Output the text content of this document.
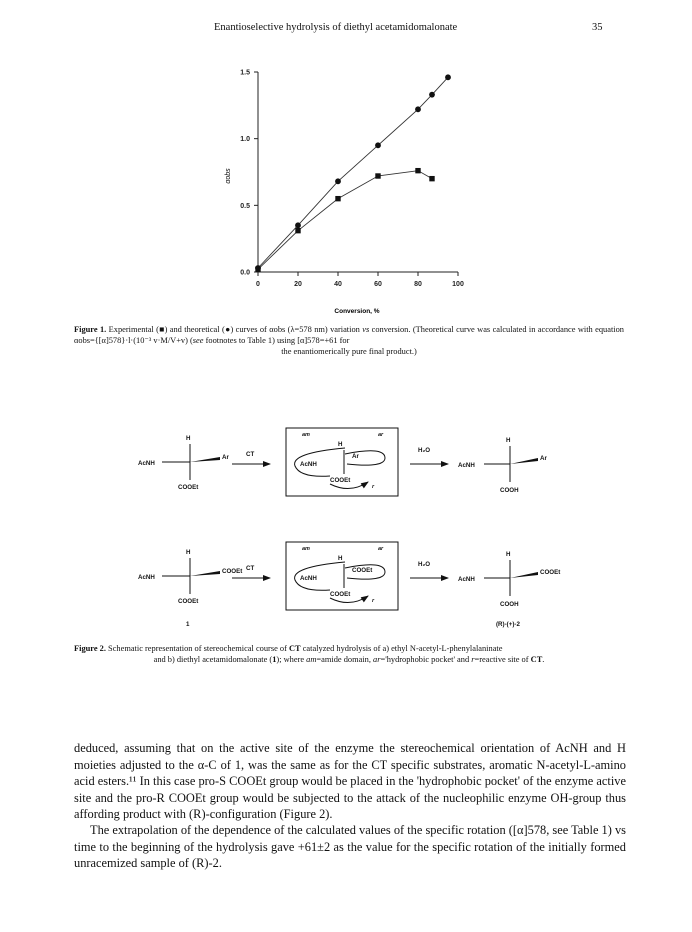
Enantioselective hydrolysis of diethyl acetamidomalonate	35
0	20	40	60	80	100
0.0
0.5
1.0
1.5
Conversion, %
αobs
Figure 1. Experimental (■) and theoretical (●) curves of αobs (λ=578 nm) variation vs conversion. (Theoretical curve was calculated in accordance with equation αobs={[α]578}·l·(10⁻³ v·M/V+v) (see footnotes to Table 1) using [α]578=+61 for
the enantiomerically pure final product.)
H
AcNH
Ar
COOEt
CT
am	ar
H
AcNH
Ar
COOEt
r
H₂O
H
AcNH
Ar
COOH
H
AcNH
COOEt
COOEt
CT
am	ar
H
AcNH
COOEt
COOEt
r
H₂O
H
AcNH
COOEt
COOH
1	(R)-(+)-2
Figure 2. Schematic representation of stereochemical course of CT catalyzed hydrolysis of a) ethyl N-acetyl-L-phenylalaninate
and b) diethyl acetamidomalonate (1); where am=amide domain, ar='hydrophobic pocket' and r=reactive site of CT.
deduced, assuming that on the active site of the enzyme the stereochemical orientation of AcNH and H moieties adjusted to the α-C of 1, was the same as for the CT specific substrates, aromatic N-acetyl-L-amino acid esters.¹¹ In this case pro-S COOEt group would be placed in the 'hydrophobic pocket' of the enzyme active site and the pro-R COOEt group would be subjected to the attack of the nucleophilic enzyme OH-group thus affording product with (R)-configuration (Figure 2).
The extrapolation of the dependence of the calculated values of the specific rotation ([α]578, see Table 1) vs time to the beginning of the hydrolysis gave +61±2 as the value for the specific rotation of the initially formed unracemized sample of (R)-2.
